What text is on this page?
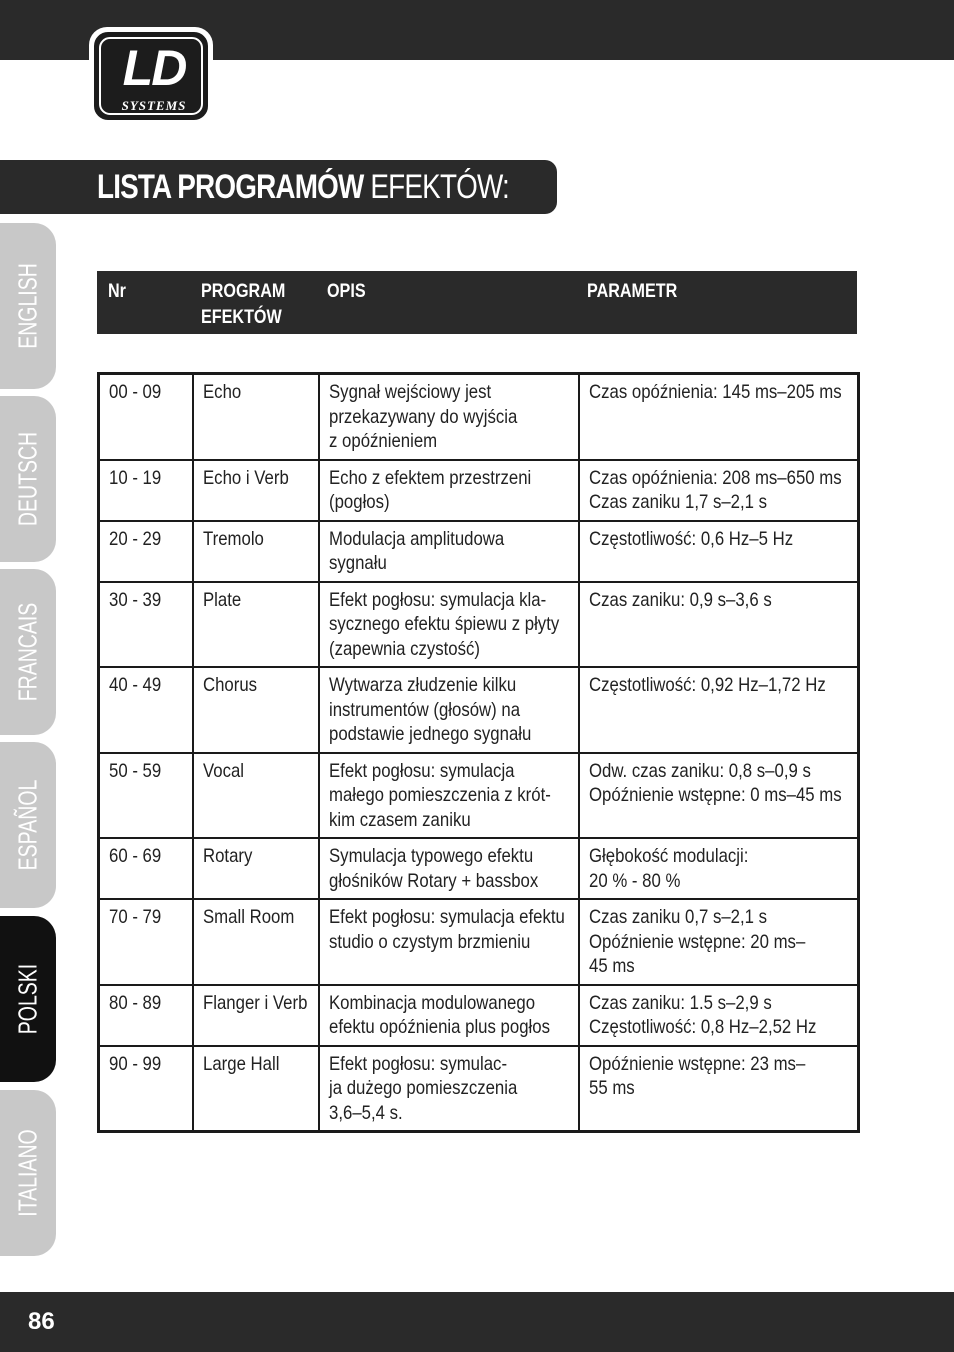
LD
SYSTEMS
LISTA PROGRAMÓW EFEKTÓW:
ENGLISH
DEUTSCH
FRANCAIS
ESPAÑOL
POLSKI
ITALIANO
Nr	PROGRAM
EFEKTÓW
OPIS	PARAMETR
00 - 09	Echo	Sygnał wejściowy jest
przekazywany do wyjścia
z opóźnieniem	Czas opóźnienia: 145 ms–205 ms
10 - 19	Echo i Verb	Echo z efektem przestrzeni
(pogłos)	Czas opóźnienia: 208 ms–650 ms
Czas zaniku 1,7 s–2,1 s
20 - 29	Tremolo	Modulacja amplitudowa
sygnału	Częstotliwość: 0,6 Hz–5 Hz
30 - 39	Plate	Efekt pogłosu: symulacja kla-
sycznego efektu śpiewu z płyty
(zapewnia czystość)	Czas zaniku: 0,9 s–3,6 s
40 - 49	Chorus	Wytwarza złudzenie kilku
instrumentów (głosów) na
podstawie jednego sygnału	Częstotliwość: 0,92 Hz–1,72 Hz
50 - 59	Vocal	Efekt pogłosu: symulacja
małego pomieszczenia z krót-
kim czasem zaniku	Odw. czas zaniku: 0,8 s–0,9 s
Opóźnienie wstępne: 0 ms–45 ms
60 - 69	Rotary	Symulacja typowego efektu
głośników Rotary + bassbox	Głębokość modulacji:
20 % - 80 %
70 - 79	Small Room	Efekt pogłosu: symulacja efektu
studio o czystym brzmieniu	Czas zaniku 0,7 s–2,1 s
Opóźnienie wstępne: 20 ms–
45 ms
80 - 89	Flanger i Verb	Kombinacja modulowanego
efektu opóźnienia plus pogłos	Czas zaniku: 1.5 s–2,9 s
Częstotliwość: 0,8 Hz–2,52 Hz
90 - 99	Large Hall	Efekt pogłosu: symulac-
ja dużego pomieszczenia
3,6–5,4 s.	Opóźnienie wstępne: 23 ms–
55 ms
86
